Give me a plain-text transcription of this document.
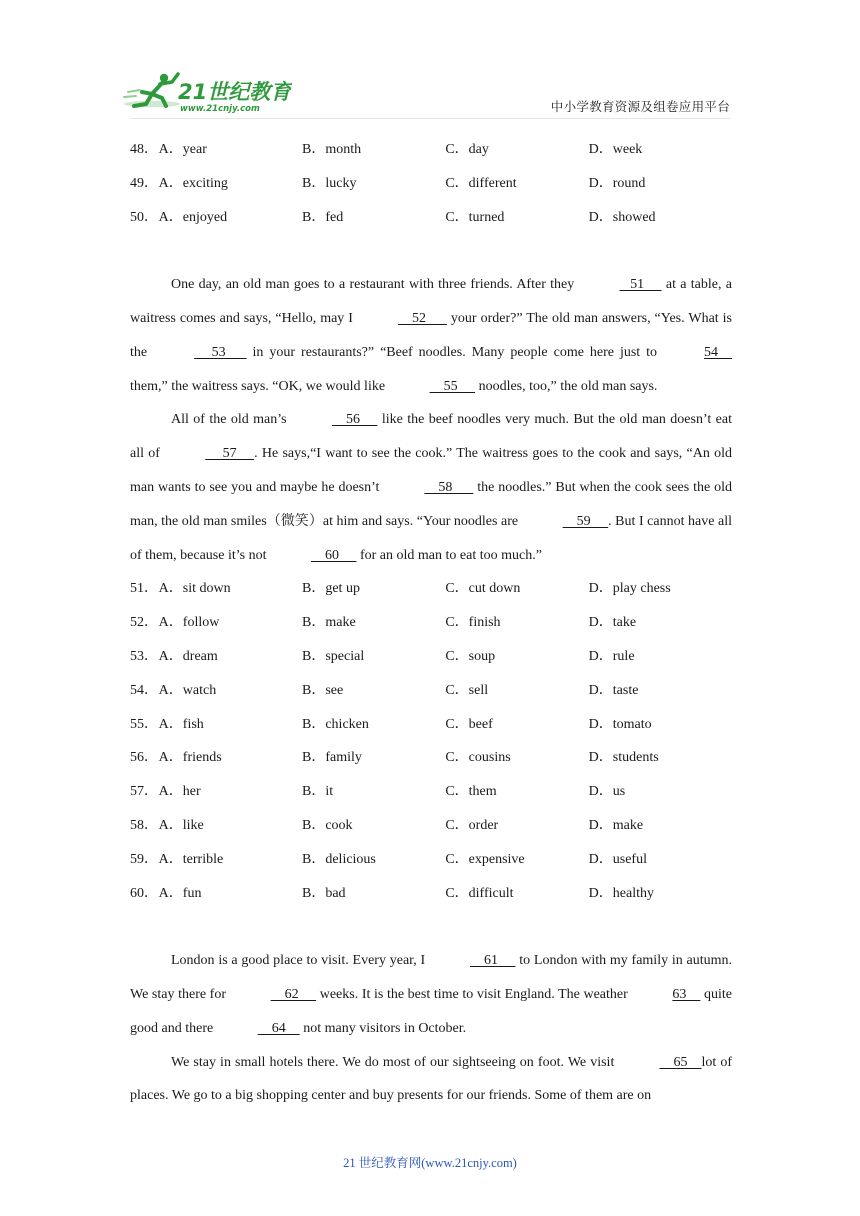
21世纪教育
www.21cnjy.com	中小学教育资源及组卷应用平台
48． A．year	B．month	C．day	D．week
49． A．exciting	B．lucky	C．different	D．round
50． A．enjoyed	B．fed	C．turned	D．showed

One day, an old man goes to a restaurant with three friends. After they	51      at a table, a waitress comes and says, “Hello, may I	52       your order?” The old man answers, “Yes. What is the	53       in your restaurants?” “Beef noodles. Many people come here just to	54     them,” the waitress says. “OK, we would like	55      noodles, too,” the old man says.

All of the old man’s	56      like the beef noodles very much. But the old man doesn’t eat all of	57     . He says,“I want to see the cook.” The waitress goes to the cook and says, “An old man wants to see you and maybe he doesn’t	58       the noodles.” But when the cook sees the old man, the old man smiles（微笑）at him and says. “Your noodles are	59     . But I cannot have all of them, because it’s not	60      for an old man to eat too much.”

51． A．sit down	B．get up	C．cut down	D．play chess
52． A．follow	B．make	C．finish	D．take
53． A．dream	B．special	C．soup	D．rule
54． A．watch	B．see	C．sell	D．taste
55． A．fish	B．chicken	C．beef	D．tomato
56． A．friends	B．family	C．cousins	D．students
57． A．her	B．it	C．them	D．us
58． A．like	B．cook	C．order	D．make
59． A．terrible	B．delicious	C．expensive	D．useful
60． A．fun	B．bad	C．difficult	D．healthy

London is a good place to visit. Every year, I	61      to London with my family in autumn. We stay there for	62      weeks. It is the best time to visit England. The weather	63     quite good and there	64     not many visitors in October.

We stay in small hotels there. We do most of our sightseeing on foot. We visit	65    lot of places. We go to a big shopping center and buy presents for our friends. Some of them are on

21 世纪教育网(www.21cnjy.com)
